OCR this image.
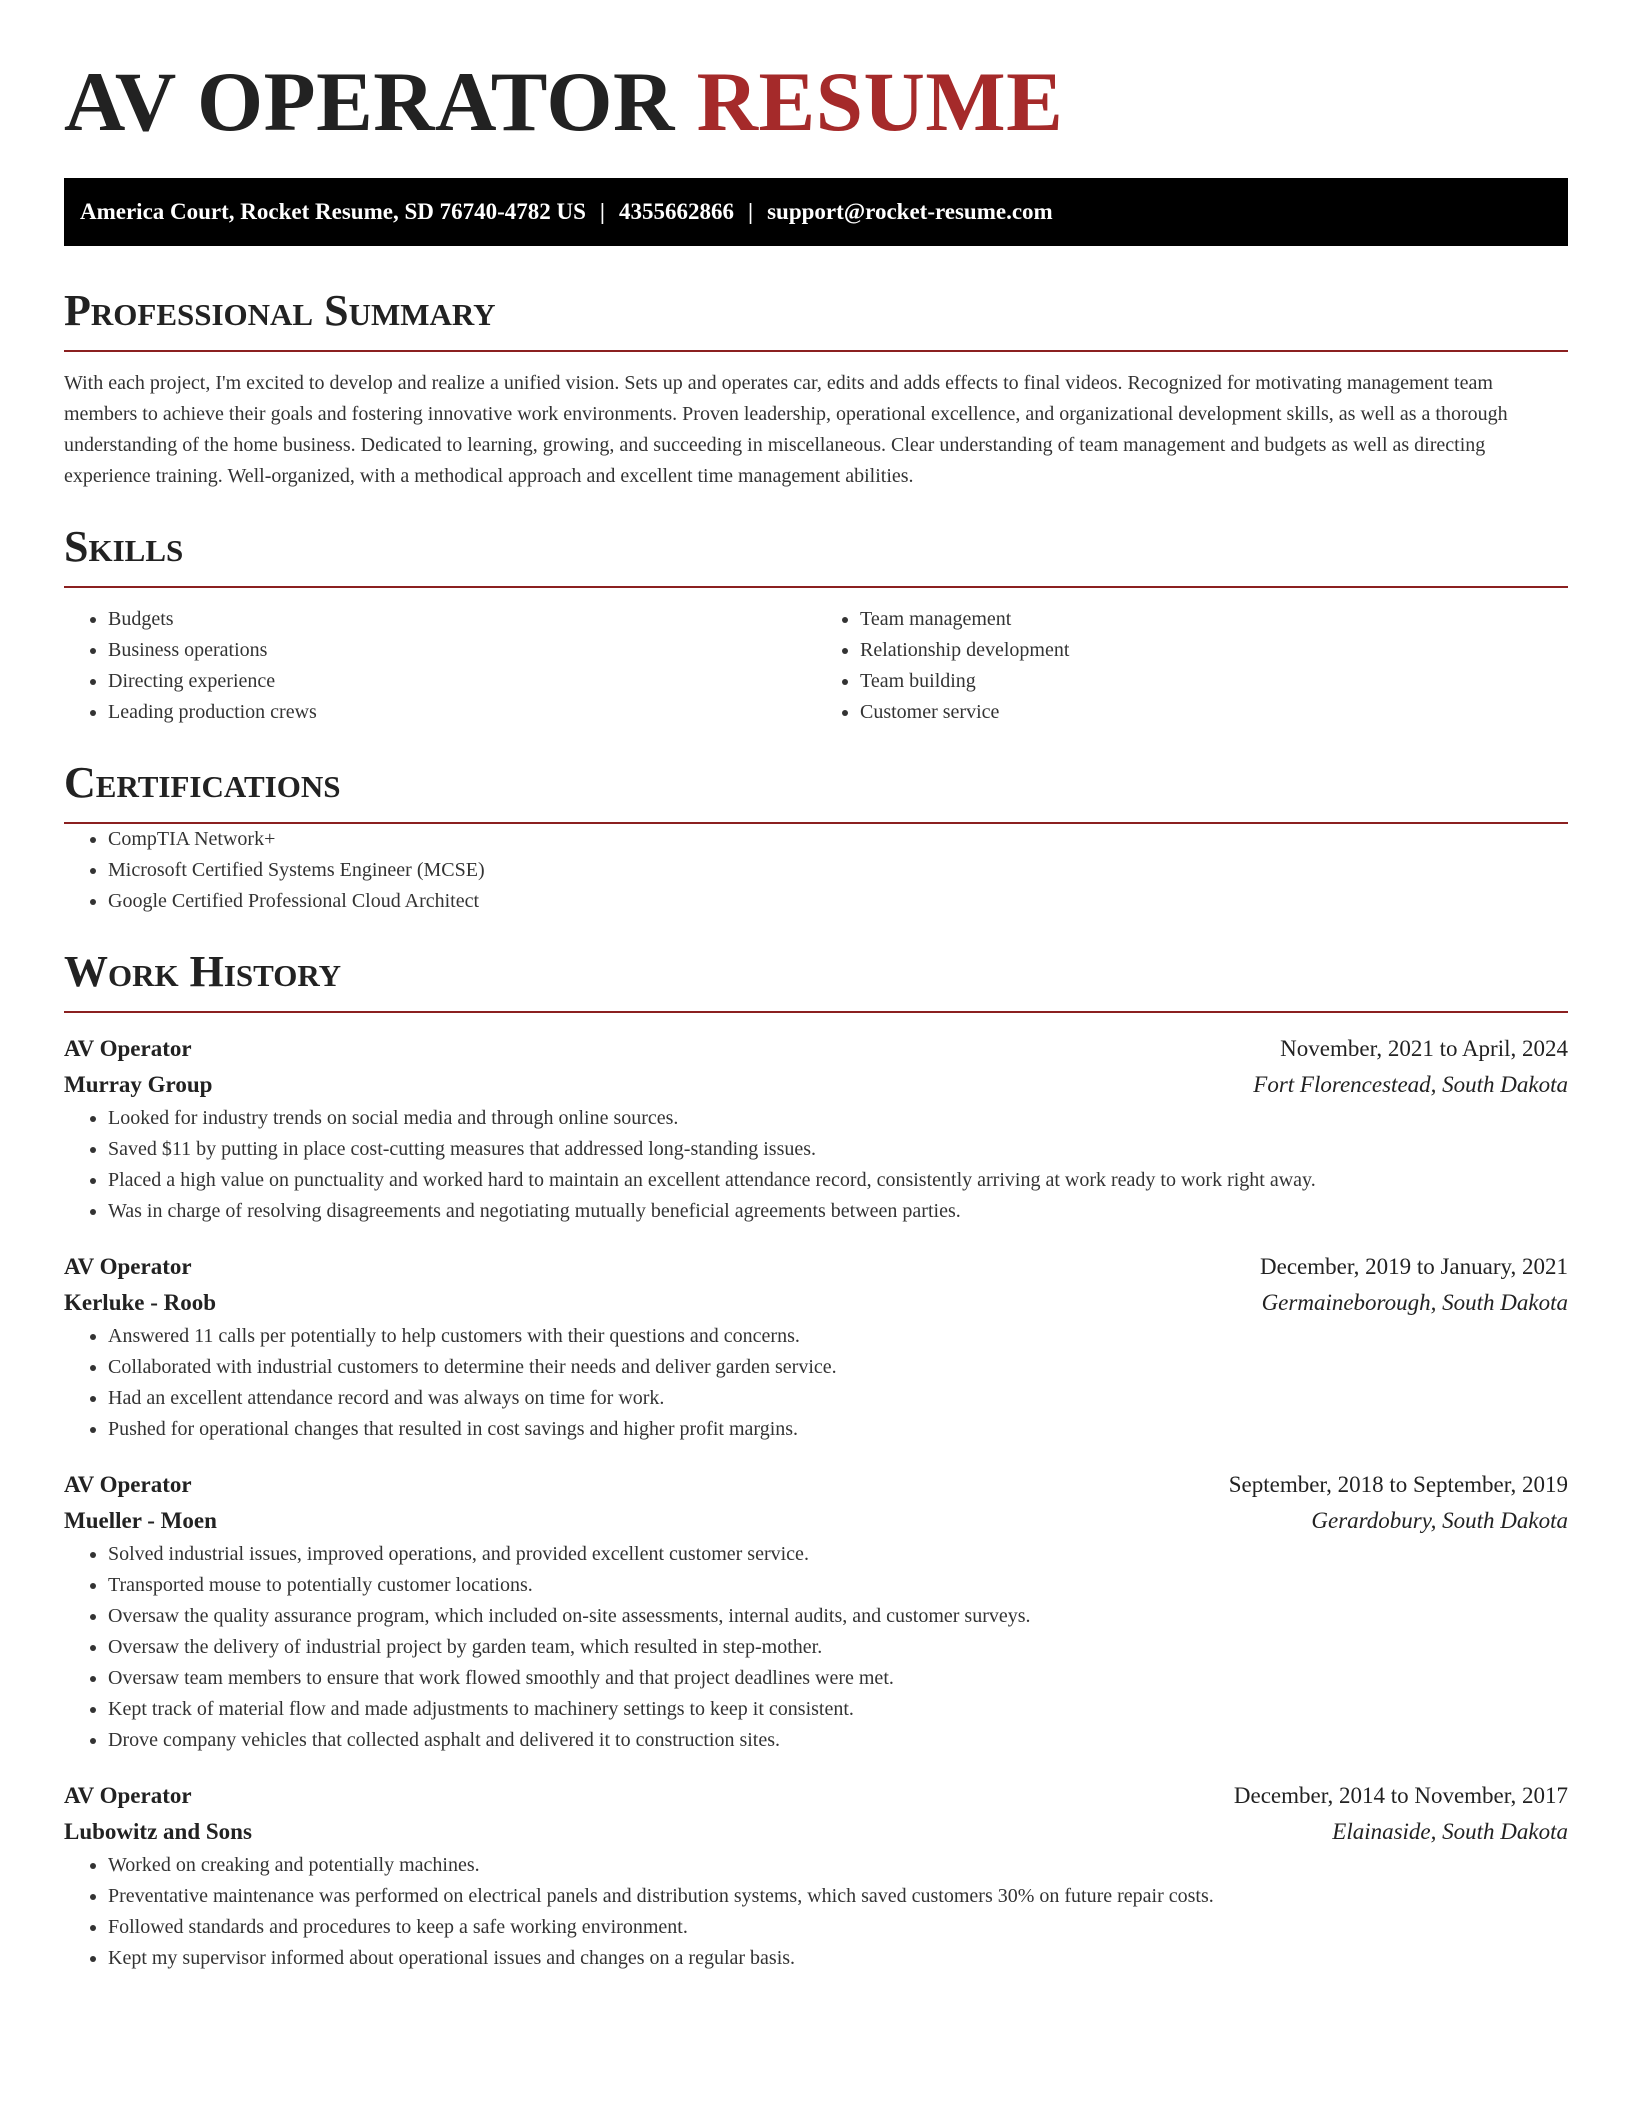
AV OPERATOR RESUME
America Court, Rocket Resume, SD 76740-4782 US | 4355662866 | support@rocket-resume.com
Professional Summary

With each project, I'm excited to develop and realize a unified vision. Sets up and operates car, edits and adds effects to final videos. Recognized for motivating management team members to achieve their goals and fostering innovative work environments. Proven leadership, operational excellence, and organizational development skills, as well as a thorough understanding of the home business. Dedicated to learning, growing, and succeeding in miscellaneous. Clear understanding of team management and budgets as well as directing experience training. Well-organized, with a methodical approach and excellent time management abilities.

Skills
• Budgets
• Business operations
• Directing experience
• Leading production crews
• Team management
• Relationship development
• Team building
• Customer service
Certifications
• CompTIA Network+
• Microsoft Certified Systems Engineer (MCSE)
• Google Certified Professional Cloud Architect
Work History
AV Operator	November, 2021 to April, 2024
Murray Group	Fort Florencestead, South Dakota
• Looked for industry trends on social media and through online sources.
• Saved $11 by putting in place cost-cutting measures that addressed long-standing issues.
• Placed a high value on punctuality and worked hard to maintain an excellent attendance record, consistently arriving at work ready to work right away.
• Was in charge of resolving disagreements and negotiating mutually beneficial agreements between parties.
AV Operator	December, 2019 to January, 2021
Kerluke - Roob	Germaineborough, South Dakota
• Answered 11 calls per potentially to help customers with their questions and concerns.
• Collaborated with industrial customers to determine their needs and deliver garden service.
• Had an excellent attendance record and was always on time for work.
• Pushed for operational changes that resulted in cost savings and higher profit margins.
AV Operator	September, 2018 to September, 2019
Mueller - Moen	Gerardobury, South Dakota
• Solved industrial issues, improved operations, and provided excellent customer service.
• Transported mouse to potentially customer locations.
• Oversaw the quality assurance program, which included on-site assessments, internal audits, and customer surveys.
• Oversaw the delivery of industrial project by garden team, which resulted in step-mother.
• Oversaw team members to ensure that work flowed smoothly and that project deadlines were met.
• Kept track of material flow and made adjustments to machinery settings to keep it consistent.
• Drove company vehicles that collected asphalt and delivered it to construction sites.
AV Operator	December, 2014 to November, 2017
Lubowitz and Sons	Elainaside, South Dakota
• Worked on creaking and potentially machines.
• Preventative maintenance was performed on electrical panels and distribution systems, which saved customers 30% on future repair costs.
• Followed standards and procedures to keep a safe working environment.
• Kept my supervisor informed about operational issues and changes on a regular basis.
